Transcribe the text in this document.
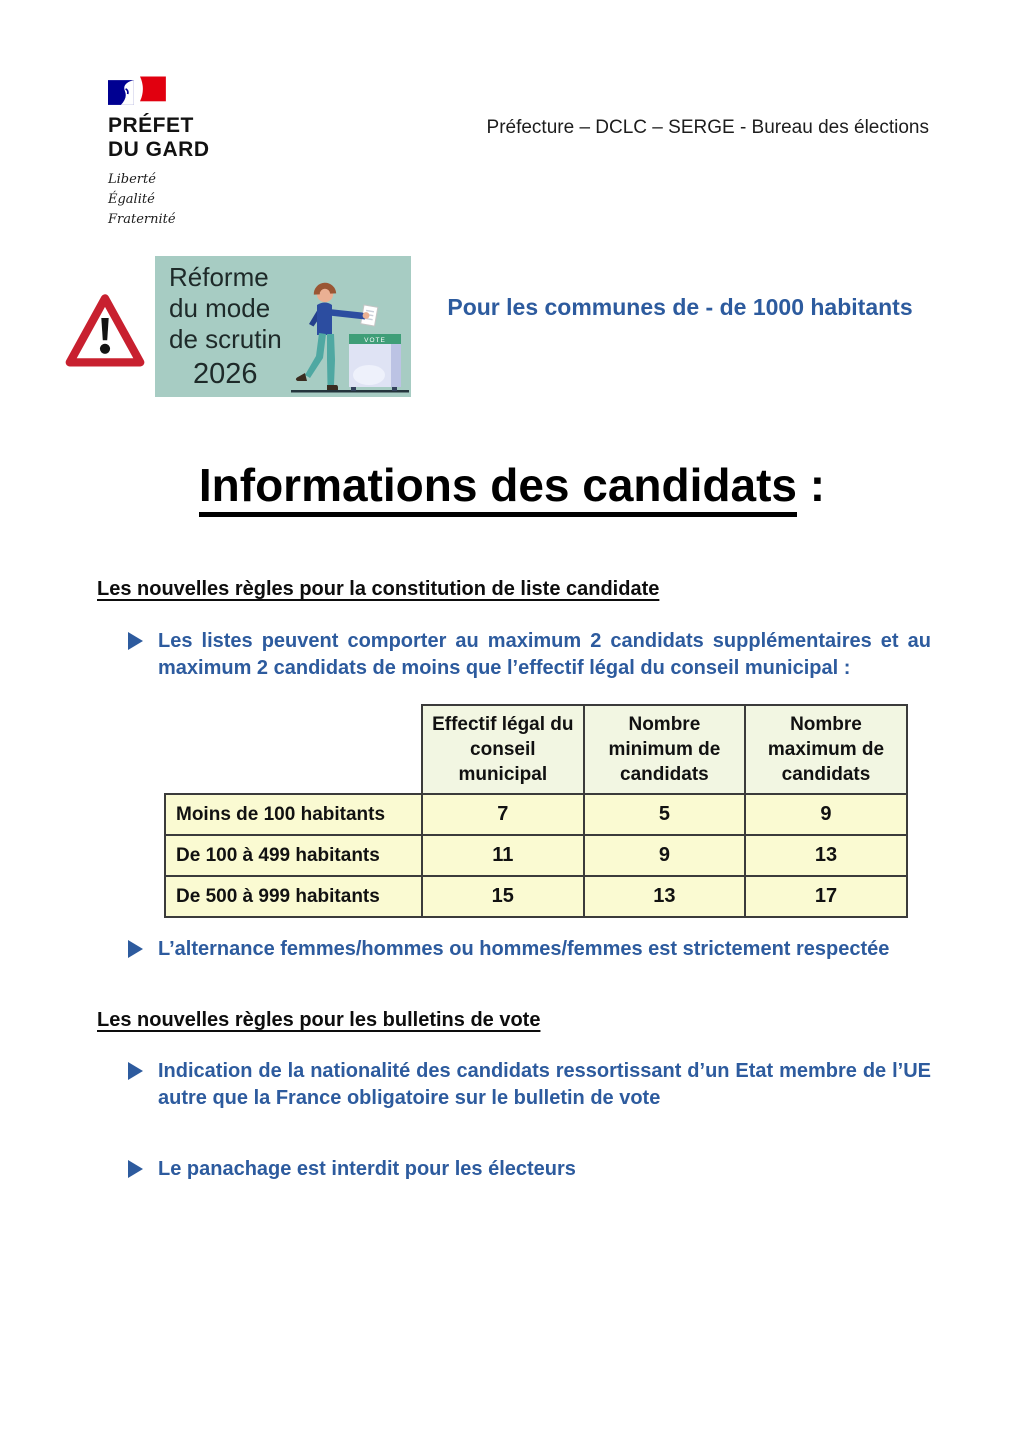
PRÉFET
DU GARD
Liberté
Égalité
Fraternité
Préfecture – DCLC – SERGE - Bureau des élections
Réforme
du mode
de scrutin
2026
VOTE
Pour les communes de - de 1000 habitants
Informations des candidats :
Les nouvelles règles pour la constitution de liste candidate
Les listes peuvent comporter au maximum 2 candidats supplémentaires et au maximum 2 candidats de moins que l’effectif légal du conseil municipal :
	Effectif légal du conseil municipal	Nombre minimum de candidats	Nombre maximum de candidats
Moins de 100 habitants	7	5	9
De 100 à 499 habitants	11	9	13
De 500 à 999 habitants	15	13	17
L’alternance femmes/hommes ou hommes/femmes est strictement respectée
Les nouvelles règles pour les bulletins de vote
Indication de la nationalité des candidats ressortissant d’un Etat membre de l’UE autre que la France obligatoire sur le bulletin de vote
Le panachage est interdit pour les électeurs
